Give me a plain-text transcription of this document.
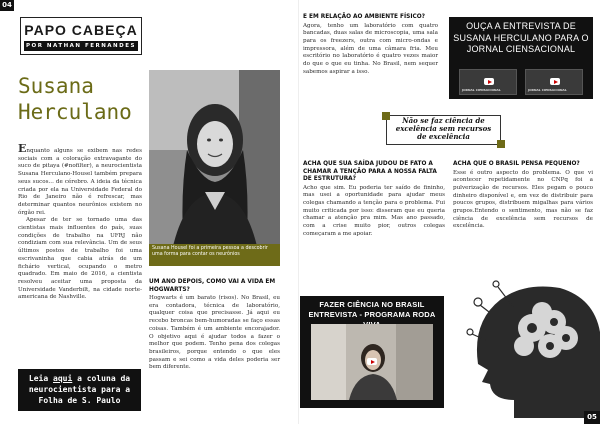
04
PAPO CABEÇA
POR NATHAN FERNANDES
Susana
Herculano

Enquanto alguns se exibem nas redes sociais com a coloração extravagante do suco de pitaya (#nofilter), a neurocientista Susana Herculano-Housel também prepara seus sucos... de cérebro. A ideia da técnica criada por ela na Universidade Federal do Rio de Janeiro não é refrescar, mas determinar quantos neurônios existem no órgão rei.

Apesar de ter se tornado uma das cientistas mais influentes do país, suas condições de trabalho na UFRJ não condiziam com sua relevância. Um de seus últimos postos de trabalho foi uma escrivaninha que cabia atrás de um fichário vertical, ocupando o metro quadrado. Em maio de 2016, a cientista resolveu aceitar uma proposta da Universidade Vanderbilt, na cidade norte-americana de Nashville.

Susana Housel foi a primeira pessoa a descobrir uma forma para contar os neurônios
Leia aqui a coluna da
neurocientista para a
Folha de S. Paulo
UM ANO DEPOIS, COMO VAI A VIDA EM HOGWARTS?
Hogwarts é um barato (risos). No Brasil, eu era contadora, técnica de laboratório, qualquer coisa que precisasse. Já aqui eu recebo broncas bem-humoradas se faço essas coisas. Também é um ambiente encorajador. O objetivo aqui é ajudar todos a fazer o melhor que podem. Tenho pena dos colegas brasileiros, porque entendo o que eles passam e sei como a vida deles poderia ser bem diferente.
E EM RELAÇÃO AO AMBIENTE FÍSICO?
Agora, tenho um laboratório com quatro bancadas, duas salas de microscopia, uma sala para os freezers, outra com micro-ondas e impressora, além de uma câmara fria. Meu escritório no laboratório é quatro vezes maior do que o que eu tinha. No Brasil, nem sequer sabemos aspirar a isso.
OUÇA A ENTREVISTA DE SUSANA HERCULANO PARA O JORNAL CIENSACIONAL
JORNAL CIENSACIONAL	JORNAL CIENSACIONAL
Não se faz ciência de excelência sem recursos de excelência
ACHA QUE SUA SAÍDA JUDOU DE FATO A CHAMAR A TENÇÃO PARA A NOSSA FALTA DE ESTRUTURA?
Acho que sim. Eu poderia ter saído de fininho, mas usei a oportunidade para ajudar meus colegas chamando a tenção para o problema. Fui muito criticada por isso: disseram que eu queria chamar a atenção pra mim. Mas ano passado, com a crise muito pior, outros colegas começaram a me apoiar.
ACHA QUE O BRASIL PENSA PEQUENO?
Esse é outro aspecto do problema. O que vi acontecer repetidamente no CNPq foi a pulverização de recursos. Eles pegam o pouco dinheiro disponível e, em vez de distribuir para poucos grupos, distribuem migalhas para vários grupos.Entendo o sentimento, mas não se faz ciência de excelência sem recursos de excelência.
FAZER CIÊNCIA NO BRASIL
ENTREVISTA - PROGRAMA RODA
05
